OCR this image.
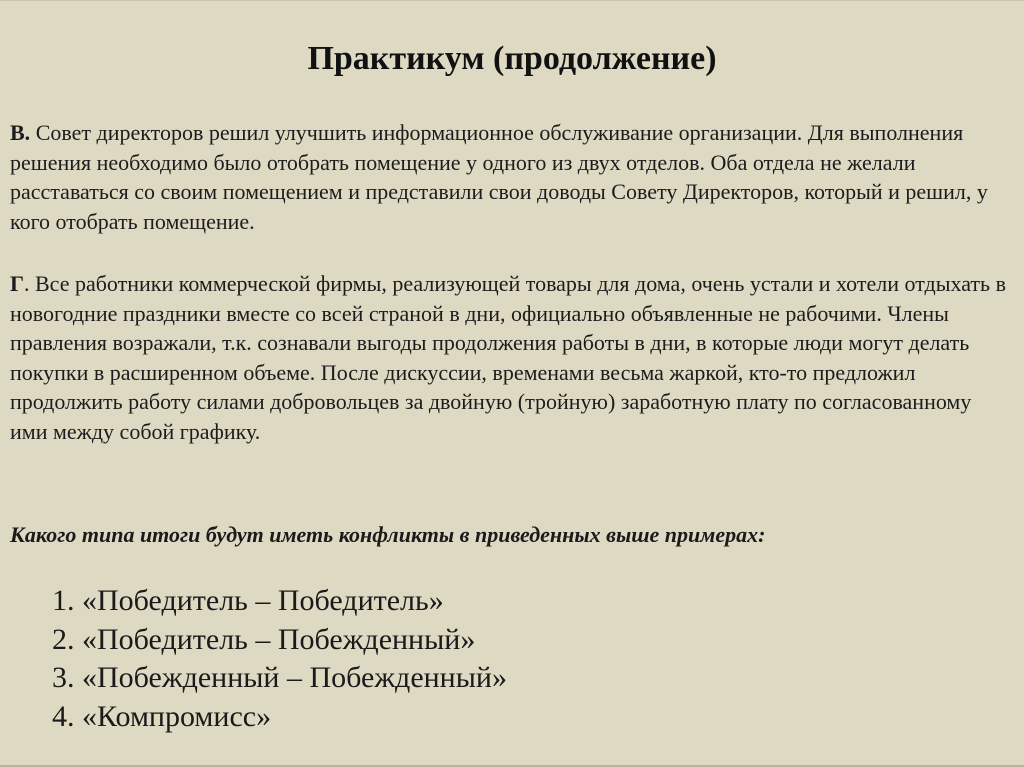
Практикум (продолжение)

В. Совет директоров решил улучшить информационное обслуживание организации. Для выполнения решения необходимо было отобрать помещение у одного из двух отделов. Оба отдела не желали расставаться со своим помещением и представили свои доводы Совету Директоров, который и решил, у кого отобрать помещение.

Г. Все работники коммерческой фирмы, реализующей товары для дома, очень устали и хотели отдыхать в новогодние праздники вместе со всей страной в дни, официально объявленные не рабочими. Члены правления возражали, т.к. сознавали выгоды продолжения работы в дни, в которые люди могут делать покупки в расширенном объеме. После дискуссии, временами весьма жаркой, кто-то предложил продолжить работу силами добровольцев за двойную (тройную) заработную плату по согласованному ими между собой графику.

Какого типа итоги будут иметь конфликты в приведенных выше примерах:
1. «Победитель – Победитель»
2. «Победитель – Побежденный»
3. «Побежденный – Побежденный»
4. «Компромисс»
